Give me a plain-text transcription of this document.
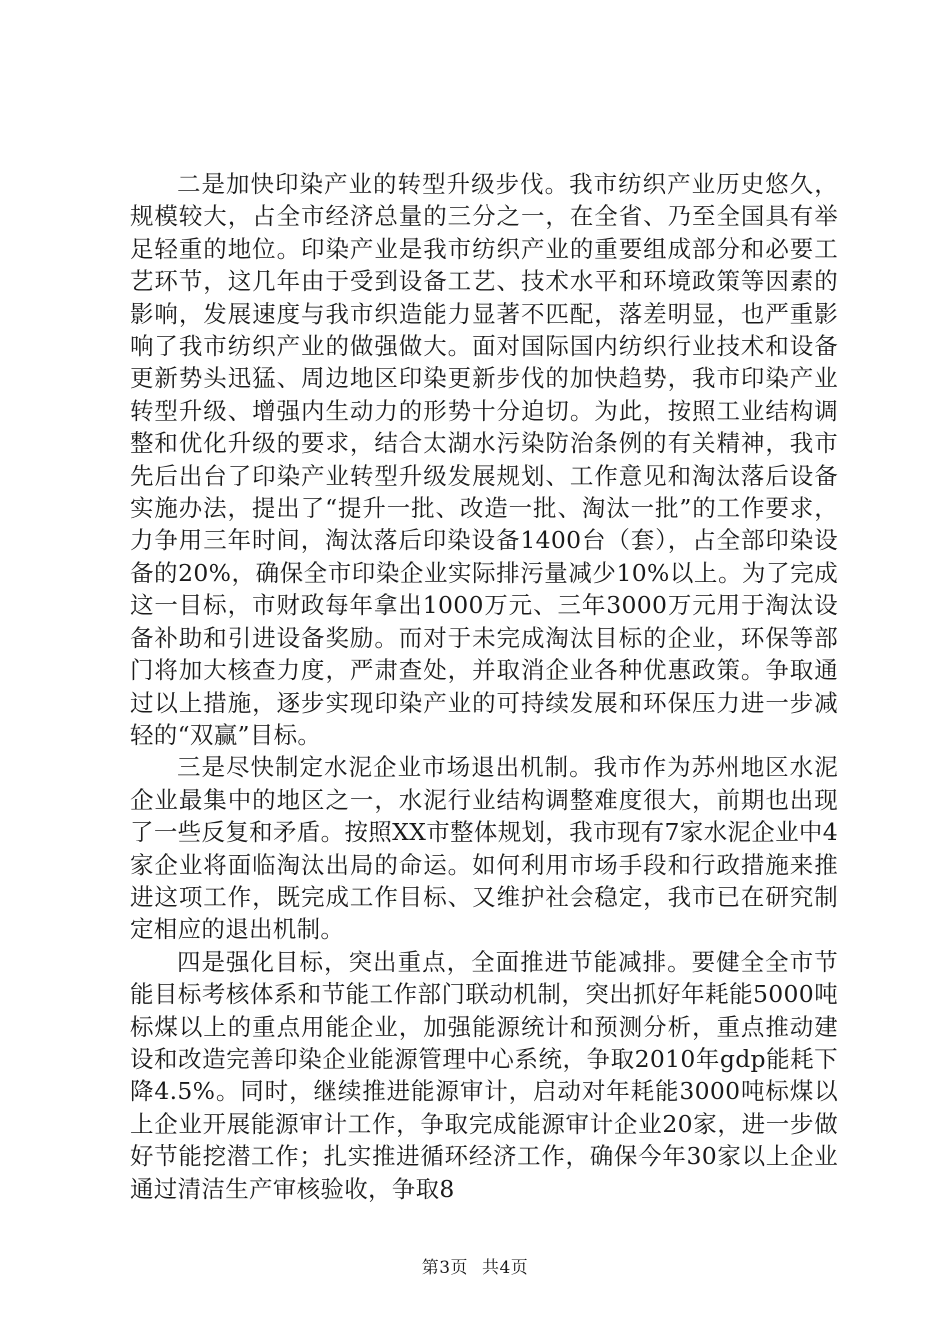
二是加快印染产业的转型升级步伐。我市纺织产业历史悠久，规模较大，占全市经济总量的三分之一，在全省、乃至全国具有举足轻重的地位。印染产业是我市纺织产业的重要组成部分和必要工艺环节，这几年由于受到设备工艺、技术水平和环境政策等因素的影响，发展速度与我市织造能力显著不匹配，落差明显，也严重影响了我市纺织产业的做强做大。面对国际国内纺织行业技术和设备更新势头迅猛、周边地区印染更新步伐的加快趋势，我市印染产业转型升级、增强内生动力的形势十分迫切。为此，按照工业结构调整和优化升级的要求，结合太湖水污染防治条例的有关精神，我市先后出台了印染产业转型升级发展规划、工作意见和淘汰落后设备实施办法，提出了“提升一批、改造一批、淘汰一批”的工作要求，力争用三年时间，淘汰落后印染设备1400台（套），占全部印染设备的20%，确保全市印染企业实际排污量减少10%以上。为了完成这一目标，市财政每年拿出1000万元、三年3000万元用于淘汰设备补助和引进设备奖励。而对于未完成淘汰目标的企业，环保等部门将加大核查力度，严肃查处，并取消企业各种优惠政策。争取通过以上措施，逐步实现印染产业的可持续发展和环保压力进一步减轻的“双赢”目标。

三是尽快制定水泥企业市场退出机制。我市作为苏州地区水泥企业最集中的地区之一，水泥行业结构调整难度很大，前期也出现了一些反复和矛盾。按照XX市整体规划，我市现有7家水泥企业中4家企业将面临淘汰出局的命运。如何利用市场手段和行政措施来推进这项工作，既完成工作目标、又维护社会稳定，我市已在研究制定相应的退出机制。

四是强化目标，突出重点，全面推进节能减排。要健全全市节能目标考核体系和节能工作部门联动机制，突出抓好年耗能5000吨标煤以上的重点用能企业，加强能源统计和预测分析，重点推动建设和改造完善印染企业能源管理中心系统，争取2010年gdp能耗下降4.5%。同时，继续推进能源审计，启动对年耗能3000吨标煤以上企业开展能源审计工作，争取完成能源审计企业20家，进一步做好节能挖潜工作；扎实推进循环经济工作，确保今年30家以上企业通过清洁生产审核验收，争取8

第3页 共4页
